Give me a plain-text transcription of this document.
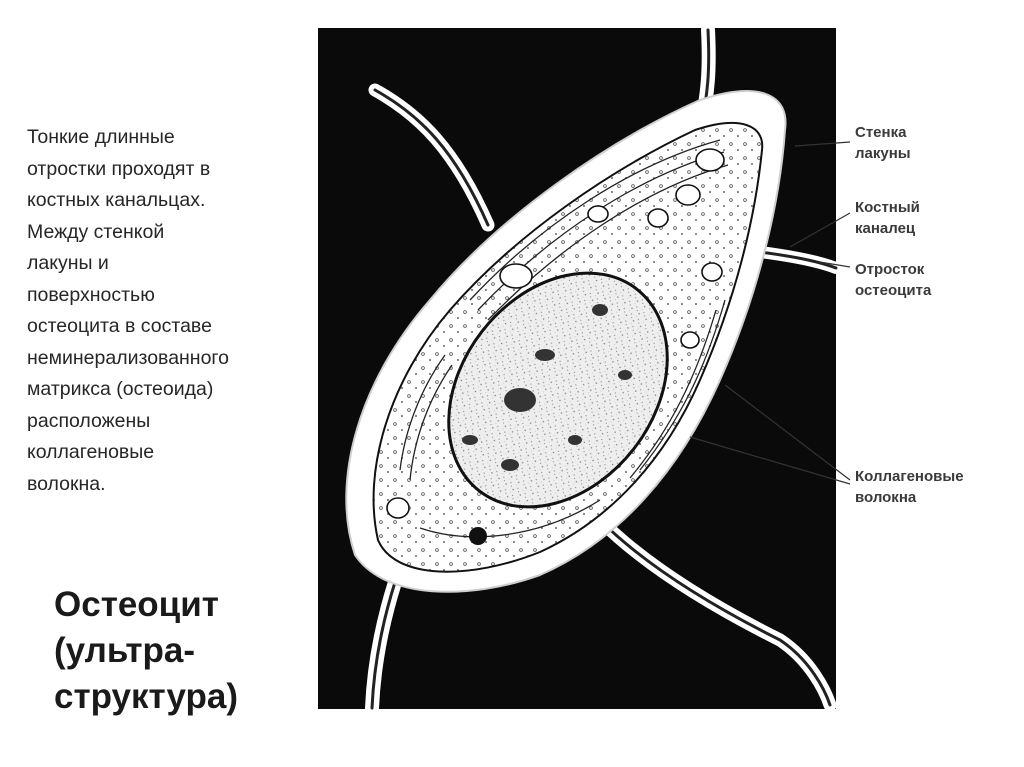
Тонкие длинные
отростки проходят в
костных канальцах.
Между стенкой
лакуны и
поверхностью
остеоцита в составе
неминерализованного
матрикса (остеоида)
расположены
коллагеновые
волокна.
Остеоцит
(ультра-
структура)
Стенка
лакуны
Костный
каналец
Отросток
остеоцита
Коллагеновые
волокна
